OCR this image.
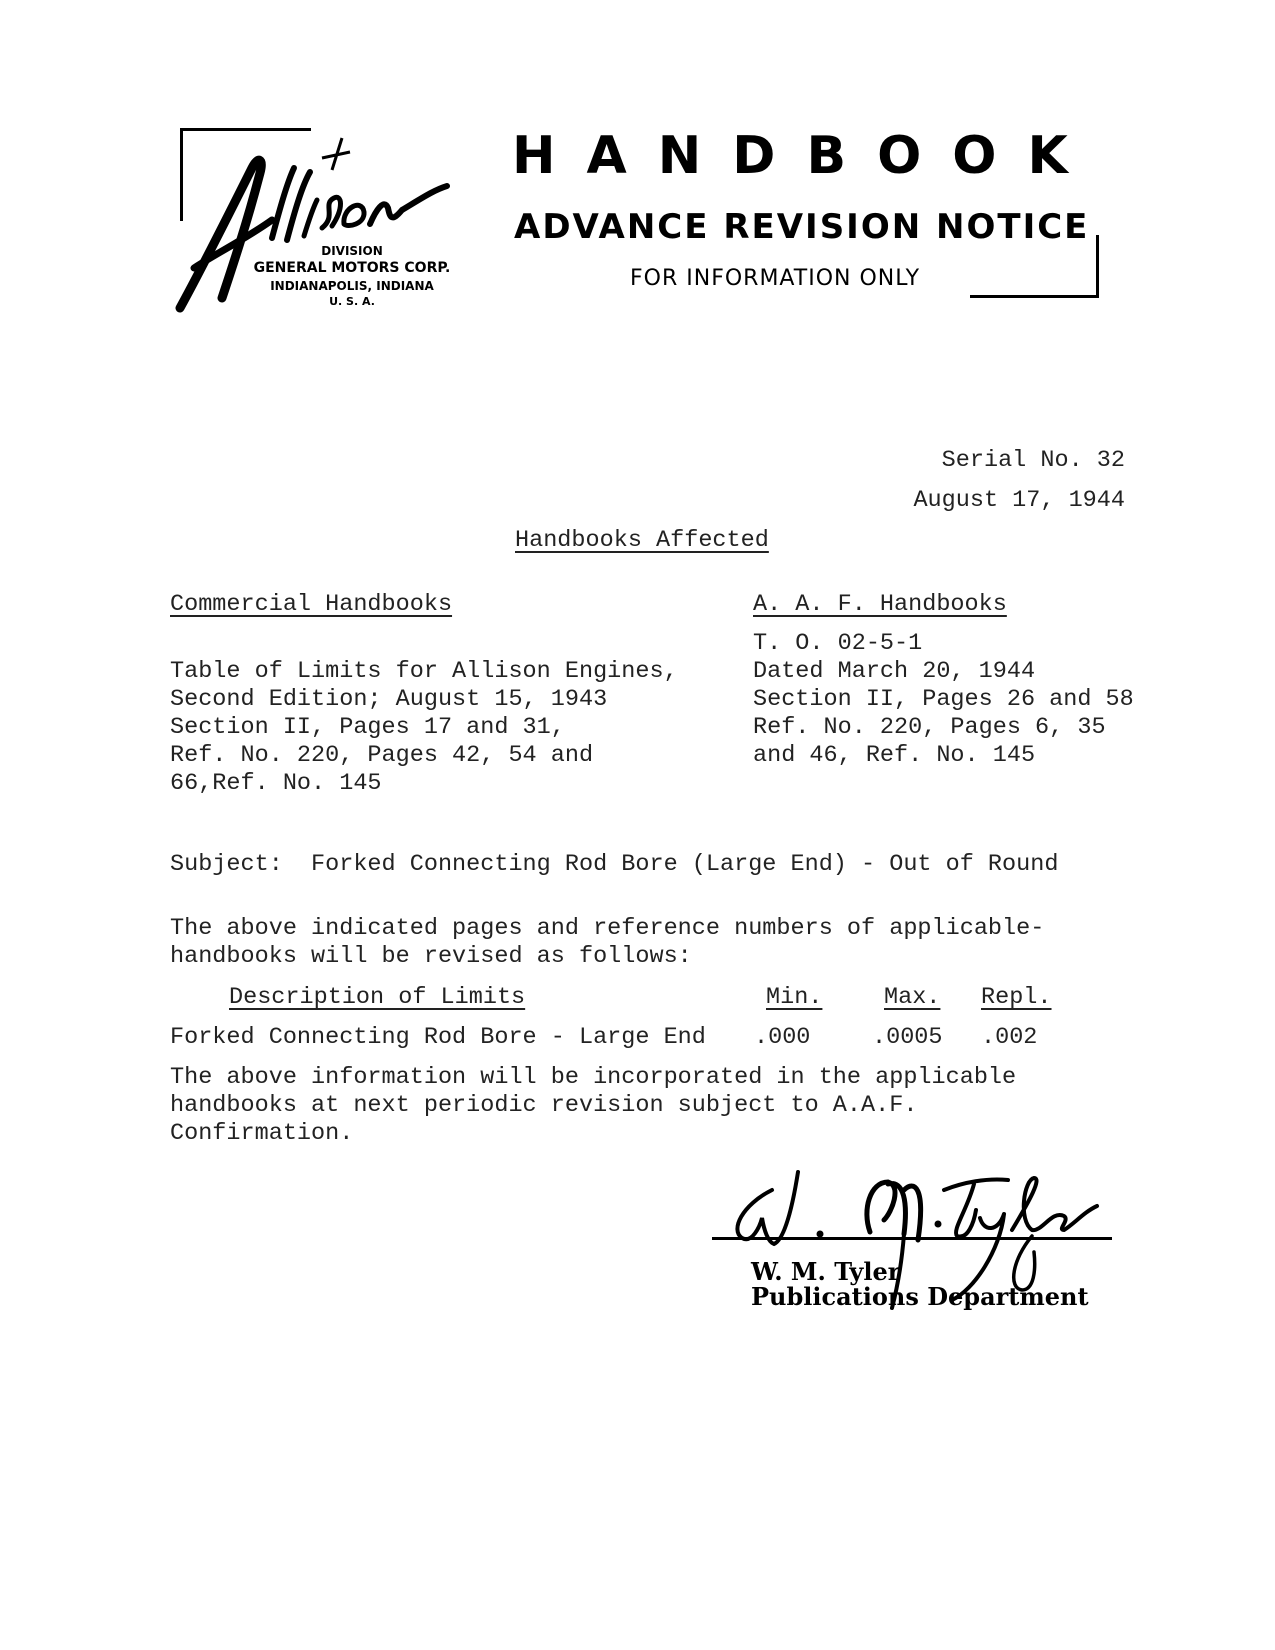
DIVISION
GENERAL MOTORS CORP.
INDIANAPOLIS, INDIANA
U. S. A.
HANDBOOK
ADVANCE REVISION NOTICE
FOR INFORMATION ONLY
Serial No. 32
August 17, 1944
Handbooks Affected
Commercial Handbooks
Table of Limits for Allison Engines,
Second Edition; August 15, 1943
Section II, Pages 17 and 31,
Ref. No. 220, Pages 42, 54 and
66,Ref. No. 145
A. A. F. Handbooks
T. O. 02-5-1
Dated March 20, 1944
Section II, Pages 26 and 58
Ref. No. 220, Pages 6, 35
and 46, Ref. No. 145
Subject:  Forked Connecting Rod Bore (Large End) - Out of Round
The above indicated pages and reference numbers of applicable-
handbooks will be revised as follows:
Description of Limits	Min.	Max. Repl.
Forked Connecting Rod Bore - Large End .000	.0005 .002
The above information will be incorporated in the applicable
handbooks at next periodic revision subject to A.A.F.
Confirmation.
W. M. Tyler
Publications Department
